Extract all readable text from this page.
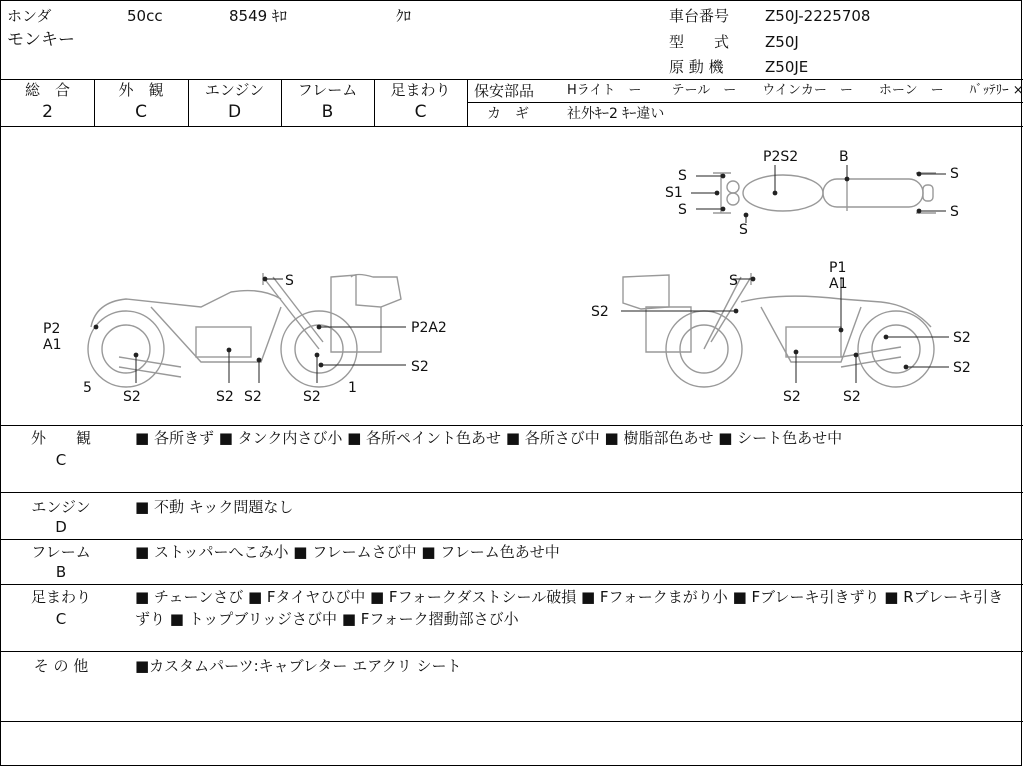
ホンダ	50cc	8549 ｷﾛ	ｸﾛ
モンキー
車台番号 Z50J-2225708
型　　式 Z50J
原 動 機	Z50JE
総　合
2
外　観
C
エンジン
D
フレーム
B
足まわり
C
保安部品	Hライト　ー　　 テール　ー　　ウインカー　ー　　ホーン　ー　　ﾊﾞｯﾃﾘｰ ×
カ　ギ	社外ｷｰ2 ｷｰ違い
S
S1
S
P2S2	B
S
S
S
S
P2
A1
5
S2	S2 S2	S2
1
P2A2
S2
S
P1
A1
S2
S2
S2
S2	S2
外　　観
C
■ 各所きず ■ タンク内さび小 ■ 各所ペイント色あせ ■ 各所さび中 ■ 樹脂部色あせ ■ シート色あせ中
エンジン
D
■ 不動 キック問題なし
フレーム
B
■ ストッパーへこみ小 ■ フレームさび中 ■ フレーム色あせ中
足まわり
C
■ チェーンさび ■ Fタイヤひび中 ■ Fフォークダストシール破損 ■ Fフォークまがり小 ■ Fブレーキ引きずり ■ Rブレーキ引きずり ■ トップブリッジさび中 ■ Fフォーク摺動部さび小
そ の 他	■カスタムパーツ:キャブレター エアクリ シート
